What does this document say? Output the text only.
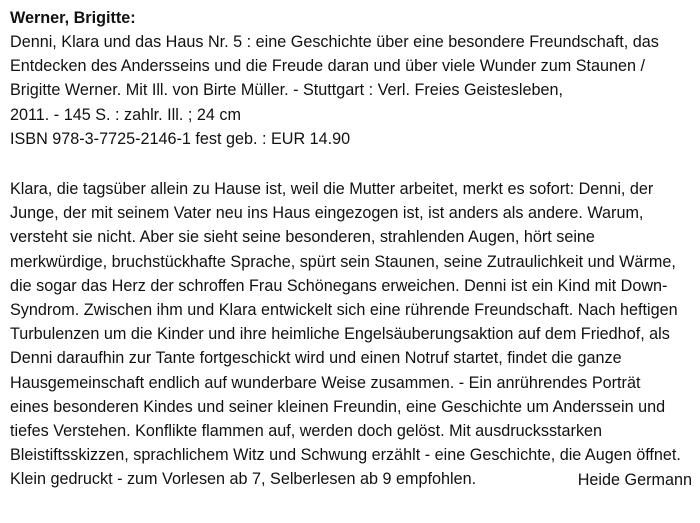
Werner, Brigitte:
Denni, Klara und das Haus Nr. 5 : eine Geschichte über eine besondere Freundschaft, das
Entdecken des Andersseins und die Freude daran und über viele Wunder zum Staunen /
Brigitte Werner. Mit Ill. von Birte Müller. - Stuttgart : Verl. Freies Geistesleben,
2011. - 145 S. : zahlr. Ill. ; 24 cm
ISBN 978-3-7725-2146-1 fest geb. : EUR 14.90
Klara, die tagsüber allein zu Hause ist, weil die Mutter arbeitet, merkt es sofort: Denni, der
Junge, der mit seinem Vater neu ins Haus eingezogen ist, ist anders als andere. Warum,
versteht sie nicht. Aber sie sieht seine besonderen, strahlenden Augen, hört seine
merkwürdige, bruchstückhafte Sprache, spürt sein Staunen, seine Zutraulichkeit und Wärme,
die sogar das Herz der schroffen Frau Schönegans erweichen. Denni ist ein Kind mit Down-
Syndrom. Zwischen ihm und Klara entwickelt sich eine rührende Freundschaft. Nach heftigen
Turbulenzen um die Kinder und ihre heimliche Engelsäuberungsaktion auf dem Friedhof, als
Denni daraufhin zur Tante fortgeschickt wird und einen Notruf startet, findet die ganze
Hausgemeinschaft endlich auf wunderbare Weise zusammen. - Ein anrührendes Porträt
eines besonderen Kindes und seiner kleinen Freundin, eine Geschichte um Anderssein und
tiefes Verstehen. Konflikte flammen auf, werden doch gelöst. Mit ausdrucksstarken
Bleistiftsskizzen, sprachlichem Witz und Schwung erzählt - eine Geschichte, die Augen öffnet.
Klein gedruckt - zum Vorlesen ab 7, Selberlesen ab 9 empfohlen.	Heide Germann
